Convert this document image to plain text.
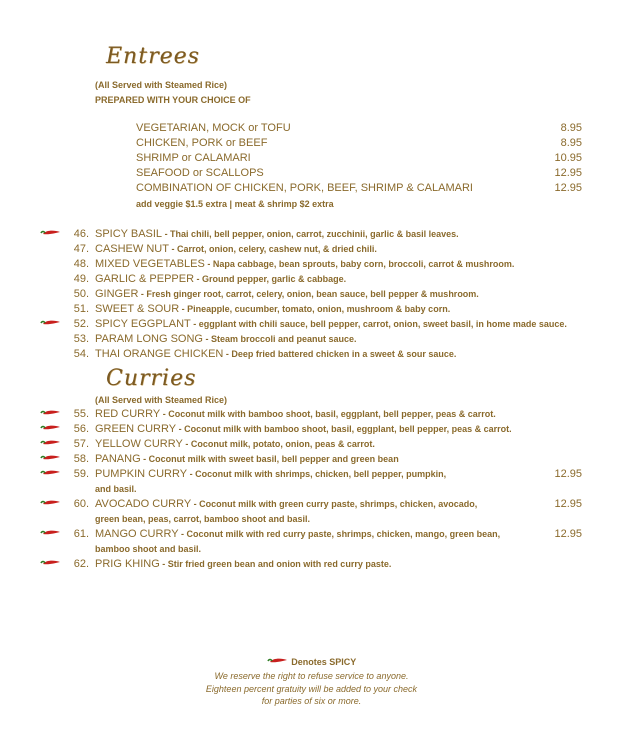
Entrees
(All Served with Steamed Rice)
PREPARED WITH YOUR CHOICE OF
VEGETARIAN, MOCK or TOFU	8.95
CHICKEN, PORK or BEEF	8.95
SHRIMP or CALAMARI	10.95
SEAFOOD or SCALLOPS	12.95
COMBINATION OF CHICKEN, PORK, BEEF, SHRIMP & CALAMARI	12.95
add veggie $1.5 extra | meat & shrimp $2 extra
46. SPICY BASIL - Thai chili, bell pepper, onion, carrot, zucchinii, garlic & basil leaves.
47. CASHEW NUT - Carrot, onion, celery, cashew nut, & dried chili.
48. MIXED VEGETABLES - Napa cabbage, bean sprouts, baby corn, broccoli, carrot & mushroom.
49. GARLIC & PEPPER - Ground pepper, garlic & cabbage.
50. GINGER - Fresh ginger root, carrot, celery, onion, bean sauce, bell pepper & mushroom.
51. SWEET & SOUR - Pineapple, cucumber, tomato, onion, mushroom & baby corn.
52. SPICY EGGPLANT - eggplant with chili sauce, bell pepper, carrot, onion, sweet basil, in home made sauce.
53. PARAM LONG SONG - Steam broccoli and peanut sauce.
54. THAI ORANGE CHICKEN - Deep fried battered chicken in a sweet & sour sauce.
Curries
(All Served with Steamed Rice)
55. RED CURRY - Coconut milk with bamboo shoot, basil, eggplant, bell pepper, peas & carrot.
56. GREEN CURRY - Coconut milk with bamboo shoot, basil, eggplant, bell pepper, peas & carrot.
57. YELLOW CURRY - Coconut milk, potato, onion, peas & carrot.
58. PANANG - Coconut milk with sweet basil, bell pepper and green bean
59. PUMPKIN CURRY - Coconut milk with shrimps, chicken, bell pepper, pumpkin,	12.95
and basil.
60. AVOCADO CURRY - Coconut milk with green curry paste, shrimps, chicken, avocado,	12.95
green bean, peas, carrot, bamboo shoot and basil.
61. MANGO CURRY - Coconut milk with red curry paste, shrimps, chicken, mango, green bean,	12.95
bamboo shoot and basil.
62. PRIG KHING - Stir fried green bean and onion with red curry paste.
Denotes SPICY
We reserve the right to refuse service to anyone.
Eighteen percent gratuity will be added to your check
for parties of six or more.
